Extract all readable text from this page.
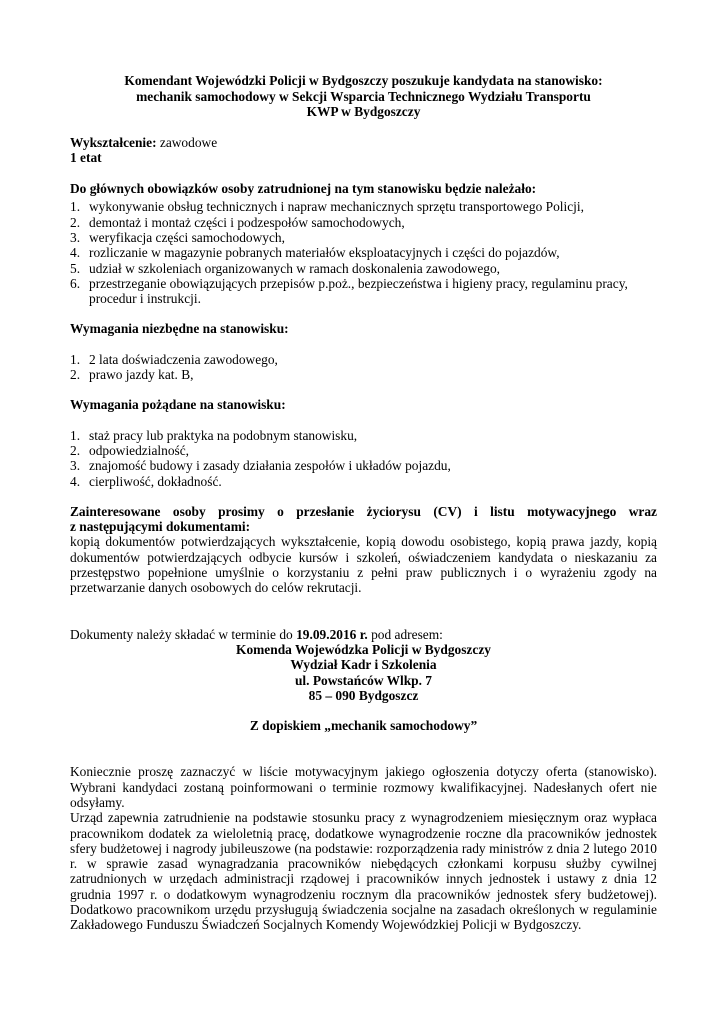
Komendant Wojewódzki Policji w Bydgoszczy poszukuje kandydata na stanowisko:
mechanik samochodowy w Sekcji Wsparcia Technicznego Wydziału Transportu
KWP w Bydgoszczy

Wykształcenie: zawodowe

1 etat

Do głównych obowiązków osoby zatrudnionej na tym stanowisku będzie należało:

1. wykonywanie obsług technicznych i napraw mechanicznych sprzętu transportowego Policji,
2. demontaż i montaż części i podzespołów samochodowych,
3. weryfikacja części samochodowych,
4. rozliczanie w magazynie pobranych materiałów eksploatacyjnych i części do pojazdów,
5. udział w szkoleniach organizowanych w ramach doskonalenia zawodowego,
6. przestrzeganie obowiązujących przepisów p.poż., bezpieczeństwa i higieny pracy, regulaminu pracy, procedur i instrukcji.

Wymagania niezbędne na stanowisku:

1. 2 lata doświadczenia zawodowego,
2. prawo jazdy kat. B,

Wymagania pożądane na stanowisku:

1. staż pracy lub praktyka na podobnym stanowisku,
2. odpowiedzialność,
3. znajomość budowy i zasady działania zespołów i układów pojazdu,
4. cierpliwość, dokładność.

Zainteresowane osoby prosimy o przesłanie życiorysu (CV) i listu motywacyjnego wraz

z następującymi dokumentami:

kopią dokumentów potwierdzających wykształcenie, kopią dowodu osobistego, kopią prawa jazdy, kopią dokumentów potwierdzających odbycie kursów i szkoleń, oświadczeniem kandydata o nieskazaniu za przestępstwo popełnione umyślnie o korzystaniu z pełni praw publicznych i o wyrażeniu zgody na przetwarzanie danych osobowych do celów rekrutacji.

Dokumenty należy składać w terminie do 19.09.2016 r. pod adresem:

Komenda Wojewódzka Policji w Bydgoszczy

Wydział Kadr i Szkolenia

ul. Powstańców Wlkp. 7

85 – 090 Bydgoszcz

Z dopiskiem „mechanik samochodowy”

Koniecznie proszę zaznaczyć w liście motywacyjnym jakiego ogłoszenia dotyczy oferta (stanowisko). Wybrani kandydaci zostaną poinformowani o terminie rozmowy kwalifikacyjnej. Nadesłanych ofert nie odsyłamy.

Urząd zapewnia zatrudnienie na podstawie stosunku pracy z wynagrodzeniem miesięcznym oraz wypłaca pracownikom dodatek za wieloletnią pracę, dodatkowe wynagrodzenie roczne dla pracowników jednostek sfery budżetowej i nagrody jubileuszowe (na podstawie: rozporządzenia rady ministrów z dnia 2 lutego 2010 r. w sprawie zasad wynagradzania pracowników niebędących członkami korpusu służby cywilnej zatrudnionych w urzędach administracji rządowej i pracowników innych jednostek i ustawy z dnia 12 grudnia 1997 r. o dodatkowym wynagrodzeniu rocznym dla pracowników jednostek sfery budżetowej). Dodatkowo pracownikom urzędu przysługują świadczenia socjalne na zasadach określonych w regulaminie Zakładowego Funduszu Świadczeń Socjalnych Komendy Wojewódzkiej Policji w Bydgoszczy.
